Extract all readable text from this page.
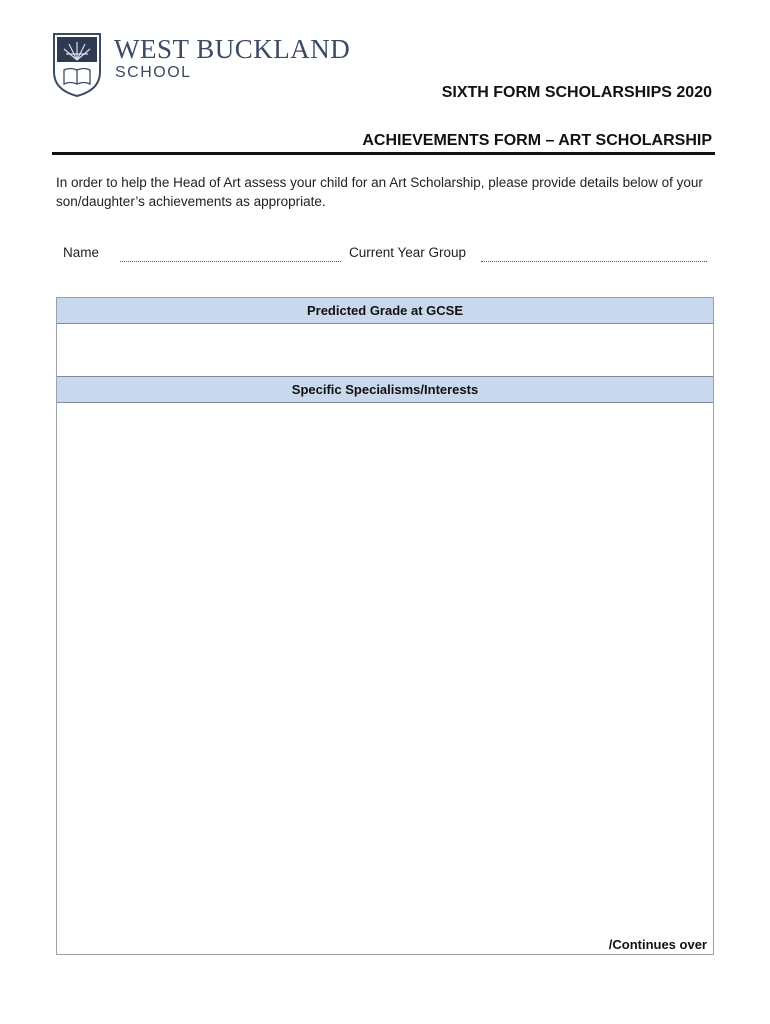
WEST BUCKLAND
SCHOOL
SIXTH FORM SCHOLARSHIPS 2020
ACHIEVEMENTS FORM – ART SCHOLARSHIP
In order to help the Head of Art assess your child for an Art Scholarship, please provide details below of your son/daughter’s achievements as appropriate.
Name	Current Year Group
Predicted Grade at GCSE
Specific Specialisms/Interests
/Continues over
